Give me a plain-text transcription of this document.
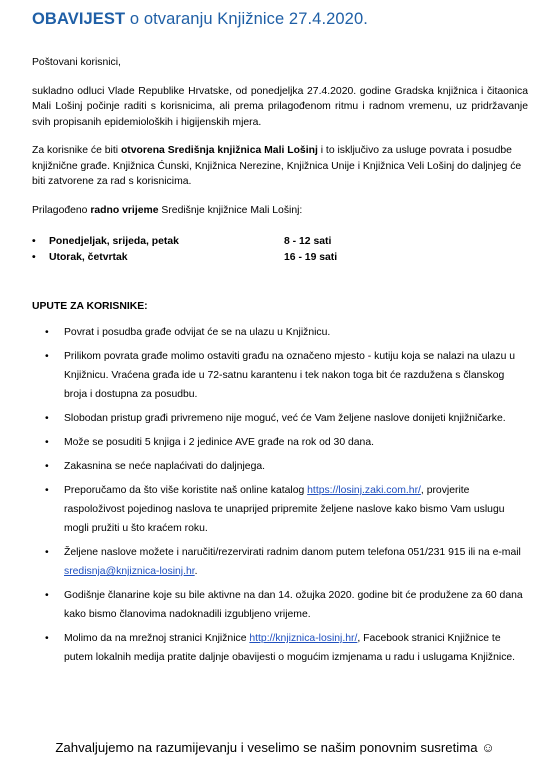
OBAVIJEST o otvaranju Knjižnice 27.4.2020.

Poštovani korisnici,

sukladno odluci Vlade Republike Hrvatske, od ponedjeljka 27.4.2020. godine Gradska knjižnica i čitaonica Mali Lošinj počinje raditi s korisnicima, ali prema prilagođenom ritmu i radnom vremenu, uz pridržavanje svih propisanih epidemioloških i higijenskih mjera.

Za korisnike će biti otvorena Središnja knjižnica Mali Lošinj i to isključivo za usluge povrata i posudbe knjižnične građe. Knjižnica Ćunski, Knjižnica Nerezine, Knjižnica Unije i Knjižnica Veli Lošinj do daljnjeg će biti zatvorene za rad s korisnicima.

Prilagođeno radno vrijeme Središnje knjižnice Mali Lošinj:

•	Ponedjeljak, srijeda, petak	8 - 12 sati
•	Utorak, četvrtak	16 - 19 sati
UPUTE ZA KORISNIKE:
• Povrat i posudba građe odvijat će se na ulazu u Knjižnicu.
• Prilikom povrata građe molimo ostaviti građu na označeno mjesto - kutiju koja se nalazi na ulazu u Knjižnicu. Vraćena građa ide u 72-satnu karantenu i tek nakon toga bit će razdužena s članskog broja i dostupna za posudbu.
• Slobodan pristup građi privremeno nije moguć, već će Vam željene naslove donijeti knjižničarke.
• Može se posuditi 5 knjiga i 2 jedinice AVE građe na rok od 30 dana.
• Zakasnina se neće naplaćivati do daljnjega.
• Preporučamo da što više koristite naš online katalog https://losinj.zaki.com.hr/, provjerite raspoloživost pojedinog naslova te unaprijed pripremite željene naslove kako bismo Vam uslugu mogli pružiti u što kraćem roku.
• Željene naslove možete i naručiti/rezervirati radnim danom putem telefona 051/231 915 ili na e-mail sredisnja@knjiznica-losinj.hr.
• Godišnje članarine koje su bile aktivne na dan 14. ožujka 2020. godine bit će produžene za 60 dana kako bismo članovima nadoknadili izgubljeno vrijeme.
• Molimo da na mrežnoj stranici Knjižnice http://knjiznica-losinj.hr/, Facebook stranici Knjižnice te putem lokalnih medija pratite daljnje obavijesti o mogućim izmjenama u radu i uslugama Knjižnice.
Zahvaljujemo na razumijevanju i veselimo se našim ponovnim susretima ☺
